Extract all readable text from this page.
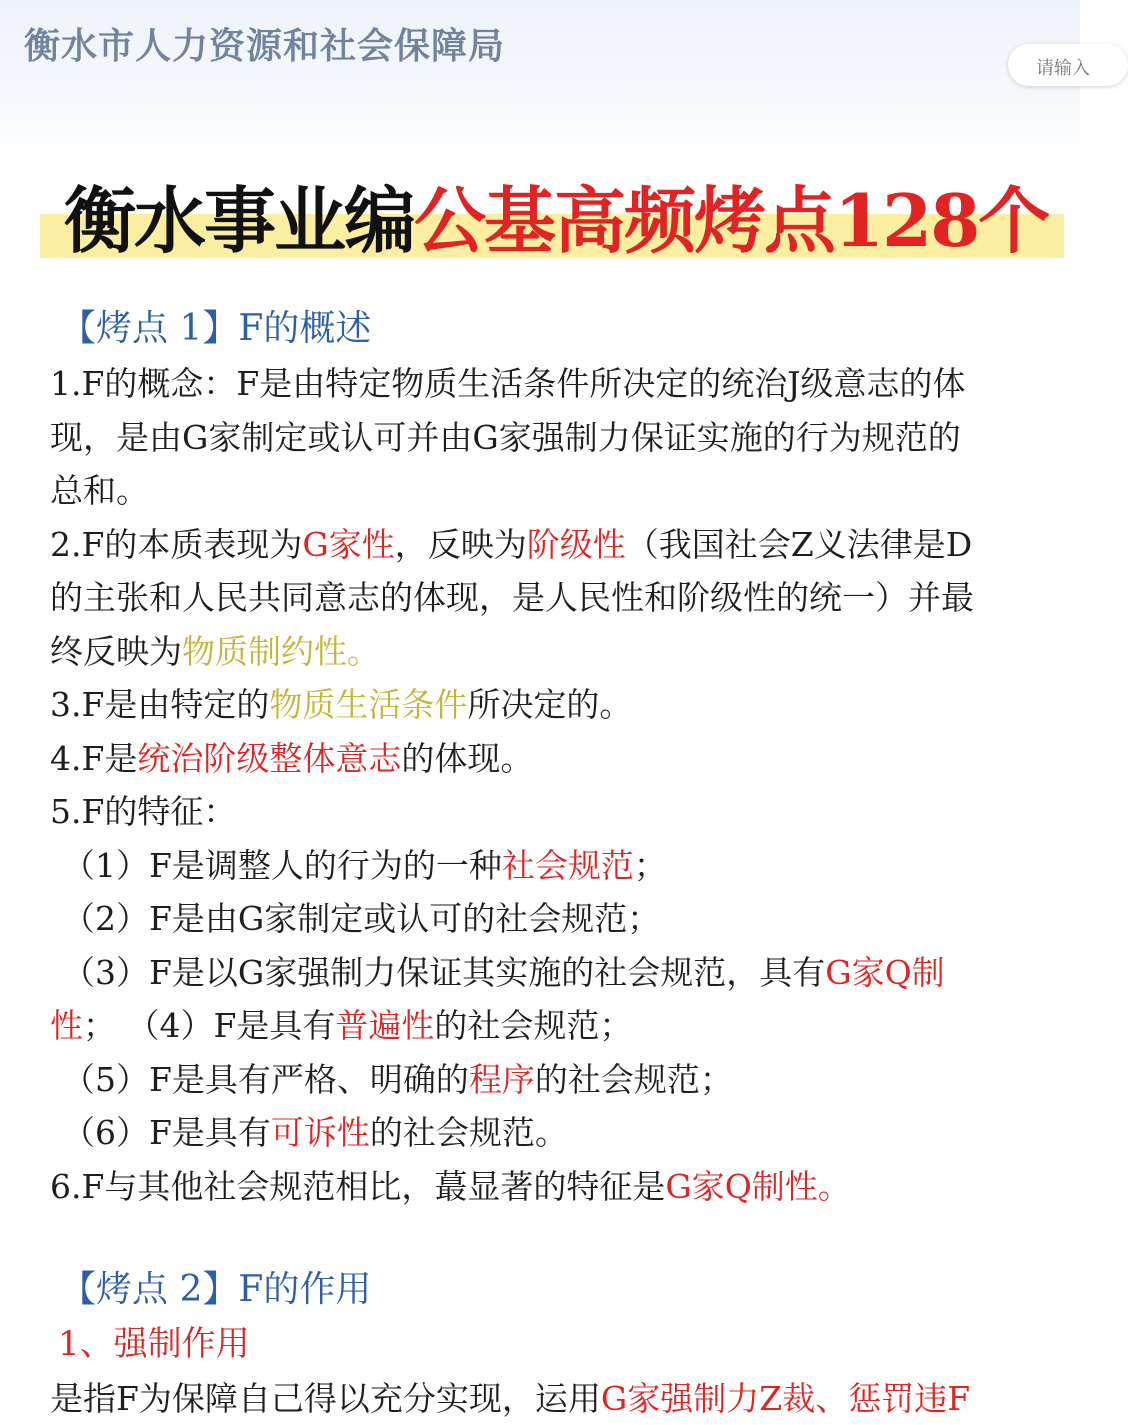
衡水市人力资源和社会保障局
请输入
衡水事业编公基高频烤点128个
【烤点 1】F的概述
1.F的概念：F是由特定物质生活条件所决定的统治J级意志的体
现，是由G家制定或认可并由G家强制力保证实施的行为规范的
总和。
2.F的本质表现为G家性，反映为阶级性（我国社会Z义法律是D
的主张和人民共同意志的体现，是人民性和阶级性的统一）并最
终反映为物质制约性。
3.F是由特定的物质生活条件所决定的。
4.F是统治阶级整体意志的体现。
5.F的特征：
（1）F是调整人的行为的一种社会规范；
（2）F是由G家制定或认可的社会规范；
（3）F是以G家强制力保证其实施的社会规范，具有G家Q制
性； （4）F是具有普遍性的社会规范；
（5）F是具有严格、明确的程序的社会规范；
（6）F是具有可诉性的社会规范。
6.F与其他社会规范相比，蕞显著的特征是G家Q制性。
【烤点 2】F的作用
1、强制作用
是指F为保障自己得以充分实现，运用G家强制力Z裁、惩罚违F
